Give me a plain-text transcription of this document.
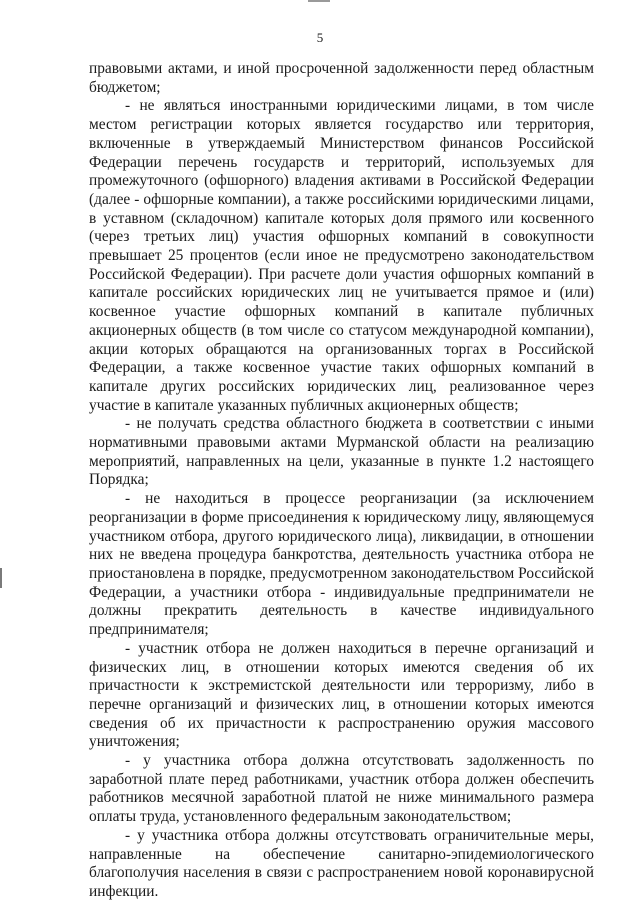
5

правовыми актами, и иной просроченной задолженности перед областным бюджетом;

- не являться иностранными юридическими лицами, в том числе местом регистрации которых является государство или территория, включенные в утверждаемый Министерством финансов Российской Федерации перечень государств и территорий, используемых для промежуточного (офшорного) владения активами в Российской Федерации (далее - офшорные компании), а также российскими юридическими лицами, в уставном (складочном) капитале которых доля прямого или косвенного (через третьих лиц) участия офшорных компаний в совокупности превышает 25 процентов (если иное не предусмотрено законодательством Российской Федерации). При расчете доли участия офшорных компаний в капитале российских юридических лиц не учитывается прямое и (или) косвенное участие офшорных компаний в капитале публичных акционерных обществ (в том числе со статусом международной компании), акции которых обращаются на организованных торгах в Российской Федерации, а также косвенное участие таких офшорных компаний в капитале других российских юридических лиц, реализованное через участие в капитале указанных публичных акционерных обществ;

- не получать средства областного бюджета в соответствии с иными нормативными правовыми актами Мурманской области на реализацию мероприятий, направленных на цели, указанные в пункте 1.2 настоящего Порядка;

- не находиться в процессе реорганизации (за исключением реорганизации в форме присоединения к юридическому лицу, являющемуся участником отбора, другого юридического лица), ликвидации, в отношении них не введена процедура банкротства, деятельность участника отбора не приостановлена в порядке, предусмотренном законодательством Российской Федерации, а участники отбора - индивидуальные предприниматели не должны прекратить деятельность в качестве индивидуального предпринимателя;

- участник отбора не должен находиться в перечне организаций и физических лиц, в отношении которых имеются сведения об их причастности к экстремистской деятельности или терроризму, либо в перечне организаций и физических лиц, в отношении которых имеются сведения об их причастности к распространению оружия массового уничтожения;

- у участника отбора должна отсутствовать задолженность по заработной плате перед работниками, участник отбора должен обеспечить работников месячной заработной платой не ниже минимального размера оплаты труда, установленного федеральным законодательством;

- у участника отбора должны отсутствовать ограничительные меры, направленные на обеспечение санитарно-эпидемиологического благополучия населения в связи с распространением новой коронавирусной инфекции.
